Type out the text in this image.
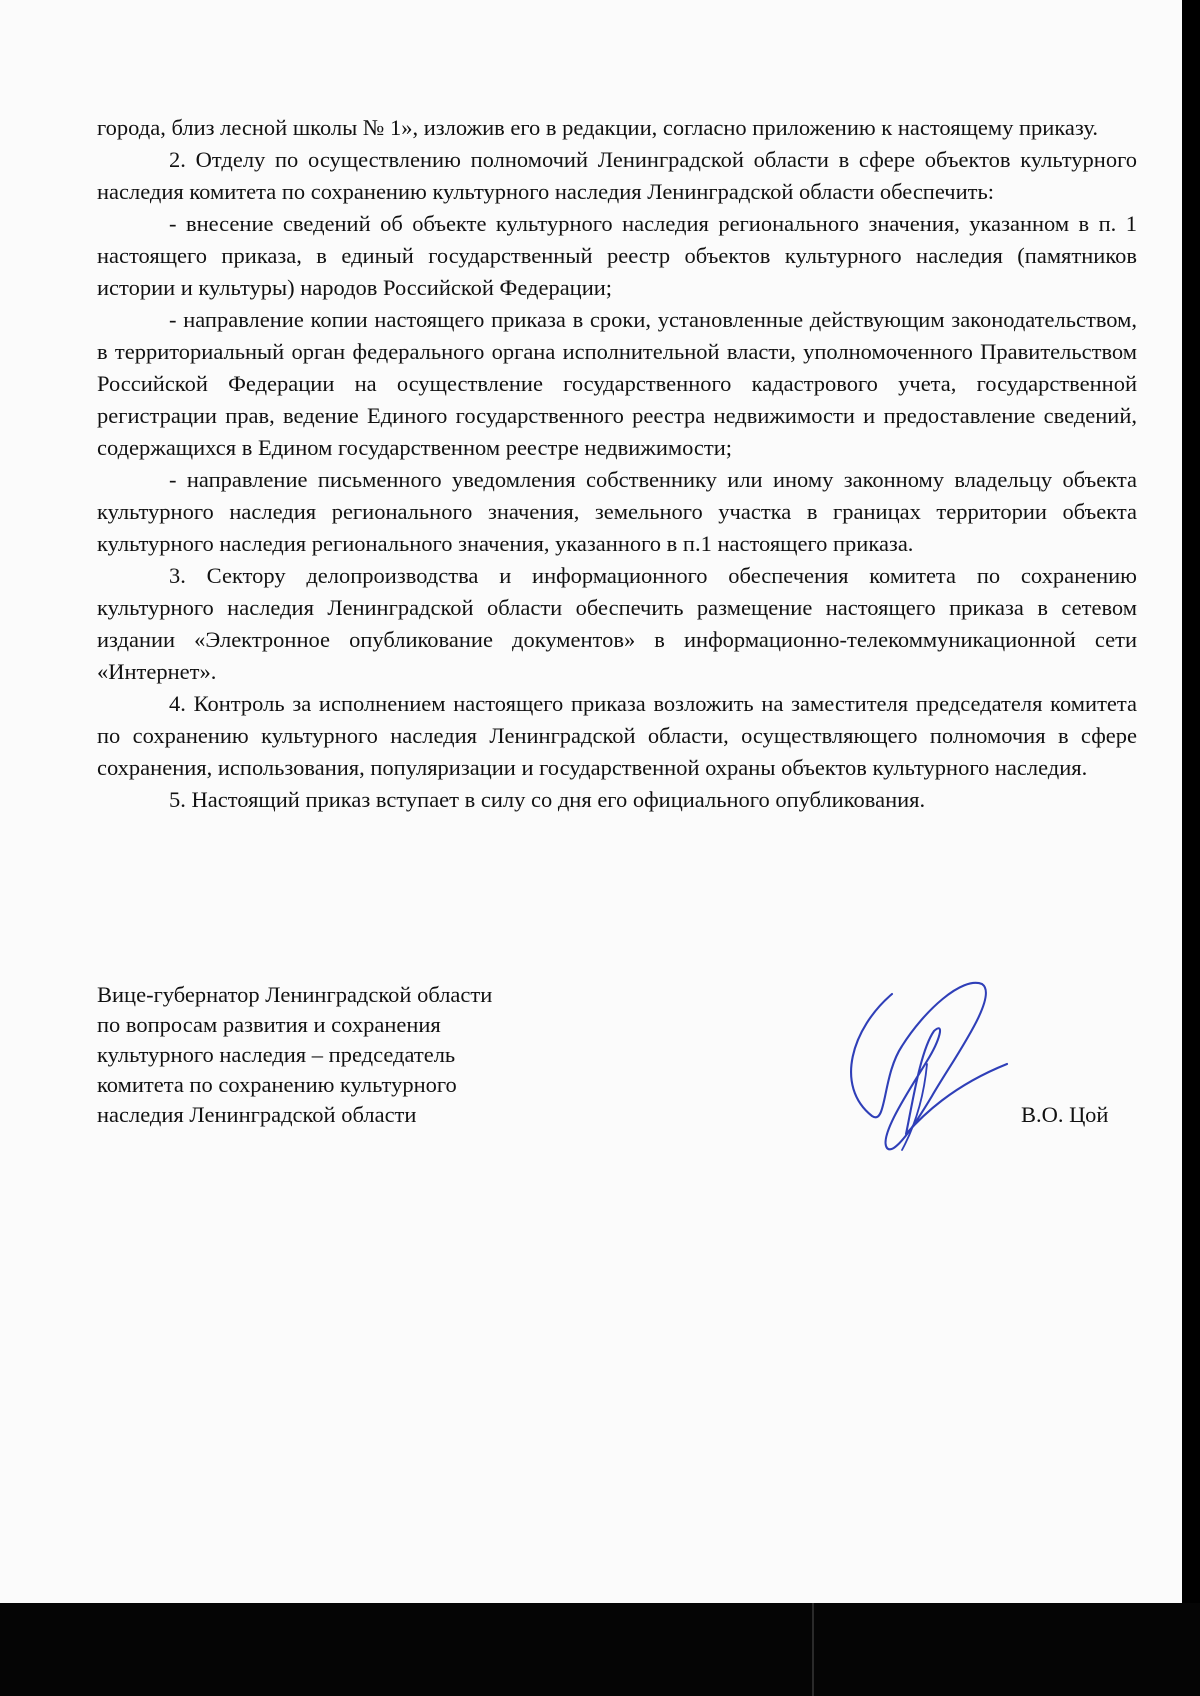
города, близ лесной школы № 1», изложив его в редакции, согласно приложению к настоящему приказу.

2. Отделу по осуществлению полномочий Ленинградской области в сфере объектов культурного наследия комитета по сохранению культурного наследия Ленинградской области обеспечить:

- внесение сведений об объекте культурного наследия регионального значения, указанном в п. 1 настоящего приказа, в единый государственный реестр объектов культурного наследия (памятников истории и культуры) народов Российской Федерации;

- направление копии настоящего приказа в сроки, установленные действующим законодательством, в территориальный орган федерального органа исполнительной власти, уполномоченного Правительством Российской Федерации на осуществление государственного кадастрового учета, государственной регистрации прав, ведение Единого государственного реестра недвижимости и предоставление сведений, содержащихся в Едином государственном реестре недвижимости;

- направление письменного уведомления собственнику или иному законному владельцу объекта культурного наследия регионального значения, земельного участка в границах территории объекта культурного наследия регионального значения, указанного в п.1 настоящего приказа.

3. Сектору делопроизводства и информационного обеспечения комитета по сохранению культурного наследия Ленинградской области обеспечить размещение настоящего приказа в сетевом издании «Электронное опубликование документов» в информационно-телекоммуникационной сети «Интернет».

4. Контроль за исполнением настоящего приказа возложить на заместителя председателя комитета по сохранению культурного наследия Ленинградской области, осуществляющего полномочия в сфере сохранения, использования, популяризации и государственной охраны объектов культурного наследия.

5. Настоящий приказ вступает в силу со дня его официального опубликования.

Вице-губернатор Ленинградской области
по вопросам развития и сохранения
культурного наследия – председатель
комитета по сохранению культурного
наследия Ленинградской области	В.О. Цой
